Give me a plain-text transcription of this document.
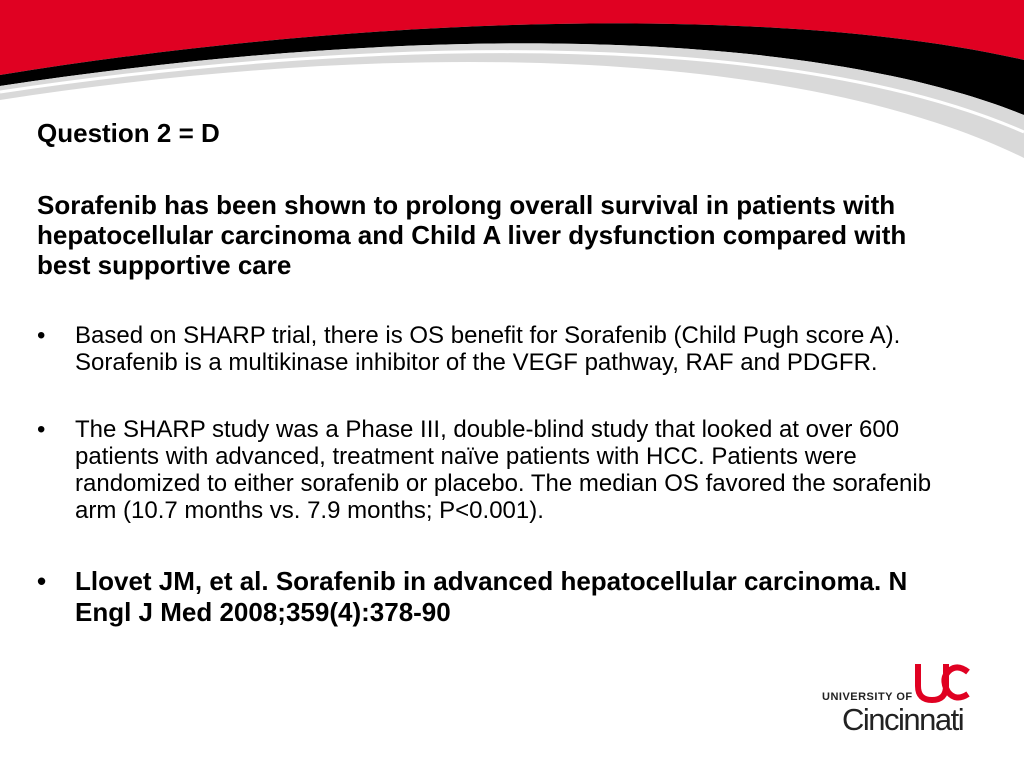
Question 2 = D

Sorafenib has been shown to prolong overall survival in patients with hepatocellular carcinoma and Child A liver dysfunction compared with best supportive care

• Based on SHARP trial, there is OS benefit for Sorafenib (Child Pugh score A). Sorafenib is a multikinase inhibitor of the VEGF pathway, RAF and PDGFR.
• The SHARP study was a Phase III, double-blind study that looked at over 600 patients with advanced, treatment naïve patients with HCC. Patients were randomized to either sorafenib or placebo. The median OS favored the sorafenib arm (10.7 months vs. 7.9 months; P<0.001).
• Llovet JM, et al. Sorafenib in advanced hepatocellular carcinoma. N Engl J Med 2008;359(4):378-90
UNIVERSITY OF
Cincinnati
